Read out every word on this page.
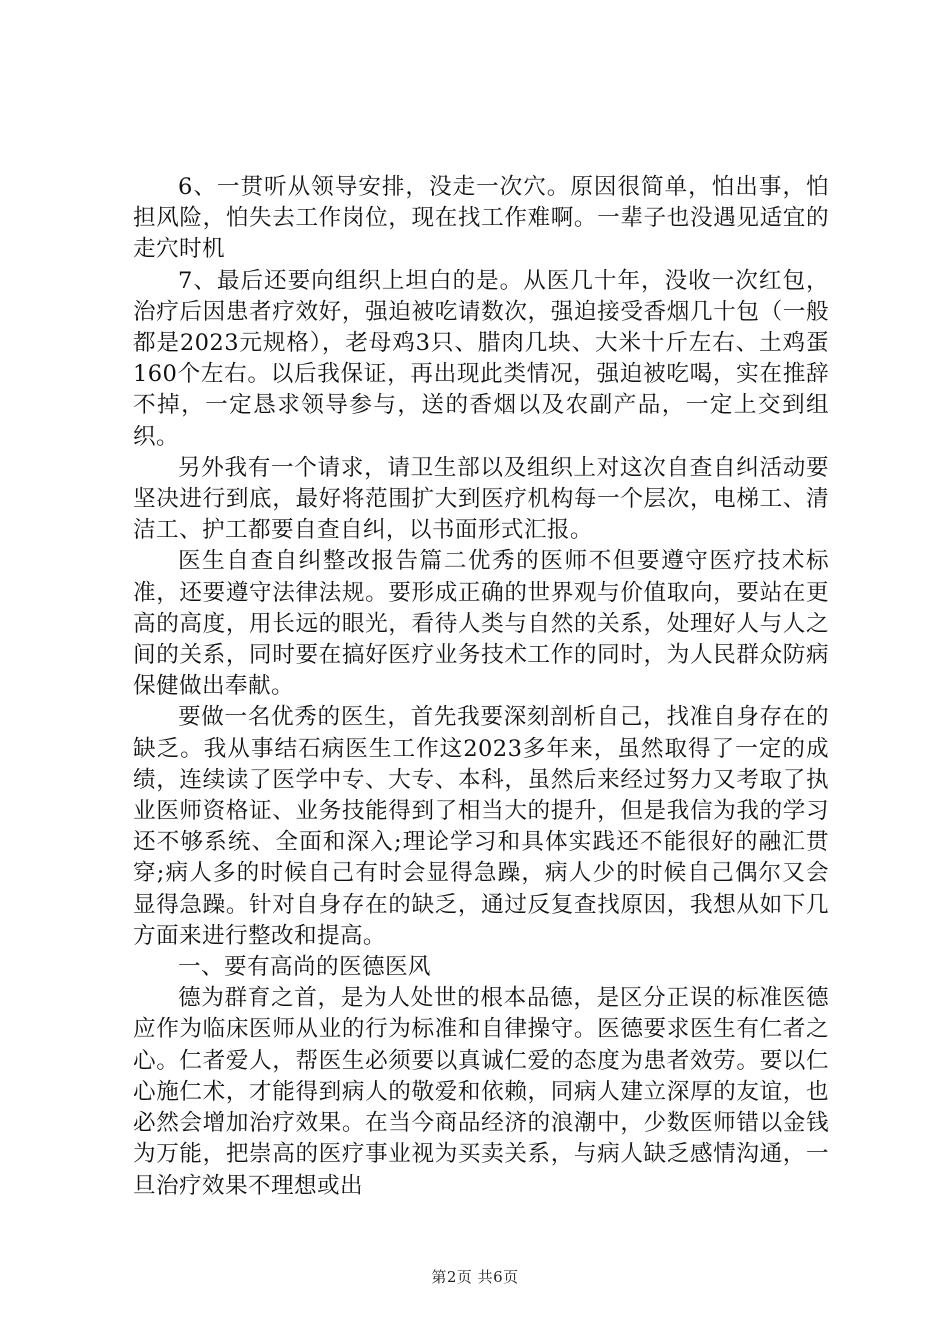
6、一贯听从领导安排，没走一次穴。原因很简单，怕出事，怕担风险，怕失去工作岗位，现在找工作难啊。一辈子也没遇见适宜的走穴时机

7、最后还要向组织上坦白的是。从医几十年，没收一次红包，治疗后因患者疗效好，强迫被吃请数次，强迫接受香烟几十包（一般都是2023元规格），老母鸡3只、腊肉几块、大米十斤左右、土鸡蛋160个左右。以后我保证，再出现此类情况，强迫被吃喝，实在推辞不掉，一定恳求领导参与，送的香烟以及农副产品，一定上交到组织。

另外我有一个请求，请卫生部以及组织上对这次自查自纠活动要坚决进行到底，最好将范围扩大到医疗机构每一个层次，电梯工、清洁工、护工都要自查自纠，以书面形式汇报。

医生自查自纠整改报告篇二优秀的医师不但要遵守医疗技术标准，还要遵守法律法规。要形成正确的世界观与价值取向，要站在更高的高度，用长远的眼光，看待人类与自然的关系，处理好人与人之间的关系，同时要在搞好医疗业务技术工作的同时，为人民群众防病保健做出奉献。

要做一名优秀的医生，首先我要深刻剖析自己，找准自身存在的缺乏。我从事结石病医生工作这2023多年来，虽然取得了一定的成绩，连续读了医学中专、大专、本科，虽然后来经过努力又考取了执业医师资格证、业务技能得到了相当大的提升，但是我信为我的学习还不够系统、全面和深入;理论学习和具体实践还不能很好的融汇贯穿;病人多的时候自己有时会显得急躁，病人少的时候自己偶尔又会显得急躁。针对自身存在的缺乏，通过反复查找原因，我想从如下几方面来进行整改和提高。

一、要有高尚的医德医风

德为群育之首，是为人处世的根本品德，是区分正误的标准医德应作为临床医师从业的行为标准和自律操守。医德要求医生有仁者之心。仁者爱人，帮医生必须要以真诚仁爱的态度为患者效劳。要以仁心施仁术，才能得到病人的敬爱和依赖，同病人建立深厚的友谊，也必然会增加治疗效果。在当今商品经济的浪潮中，少数医师错以金钱为万能，把崇高的医疗事业视为买卖关系，与病人缺乏感情沟通，一旦治疗效果不理想或出

第2页 共6页
